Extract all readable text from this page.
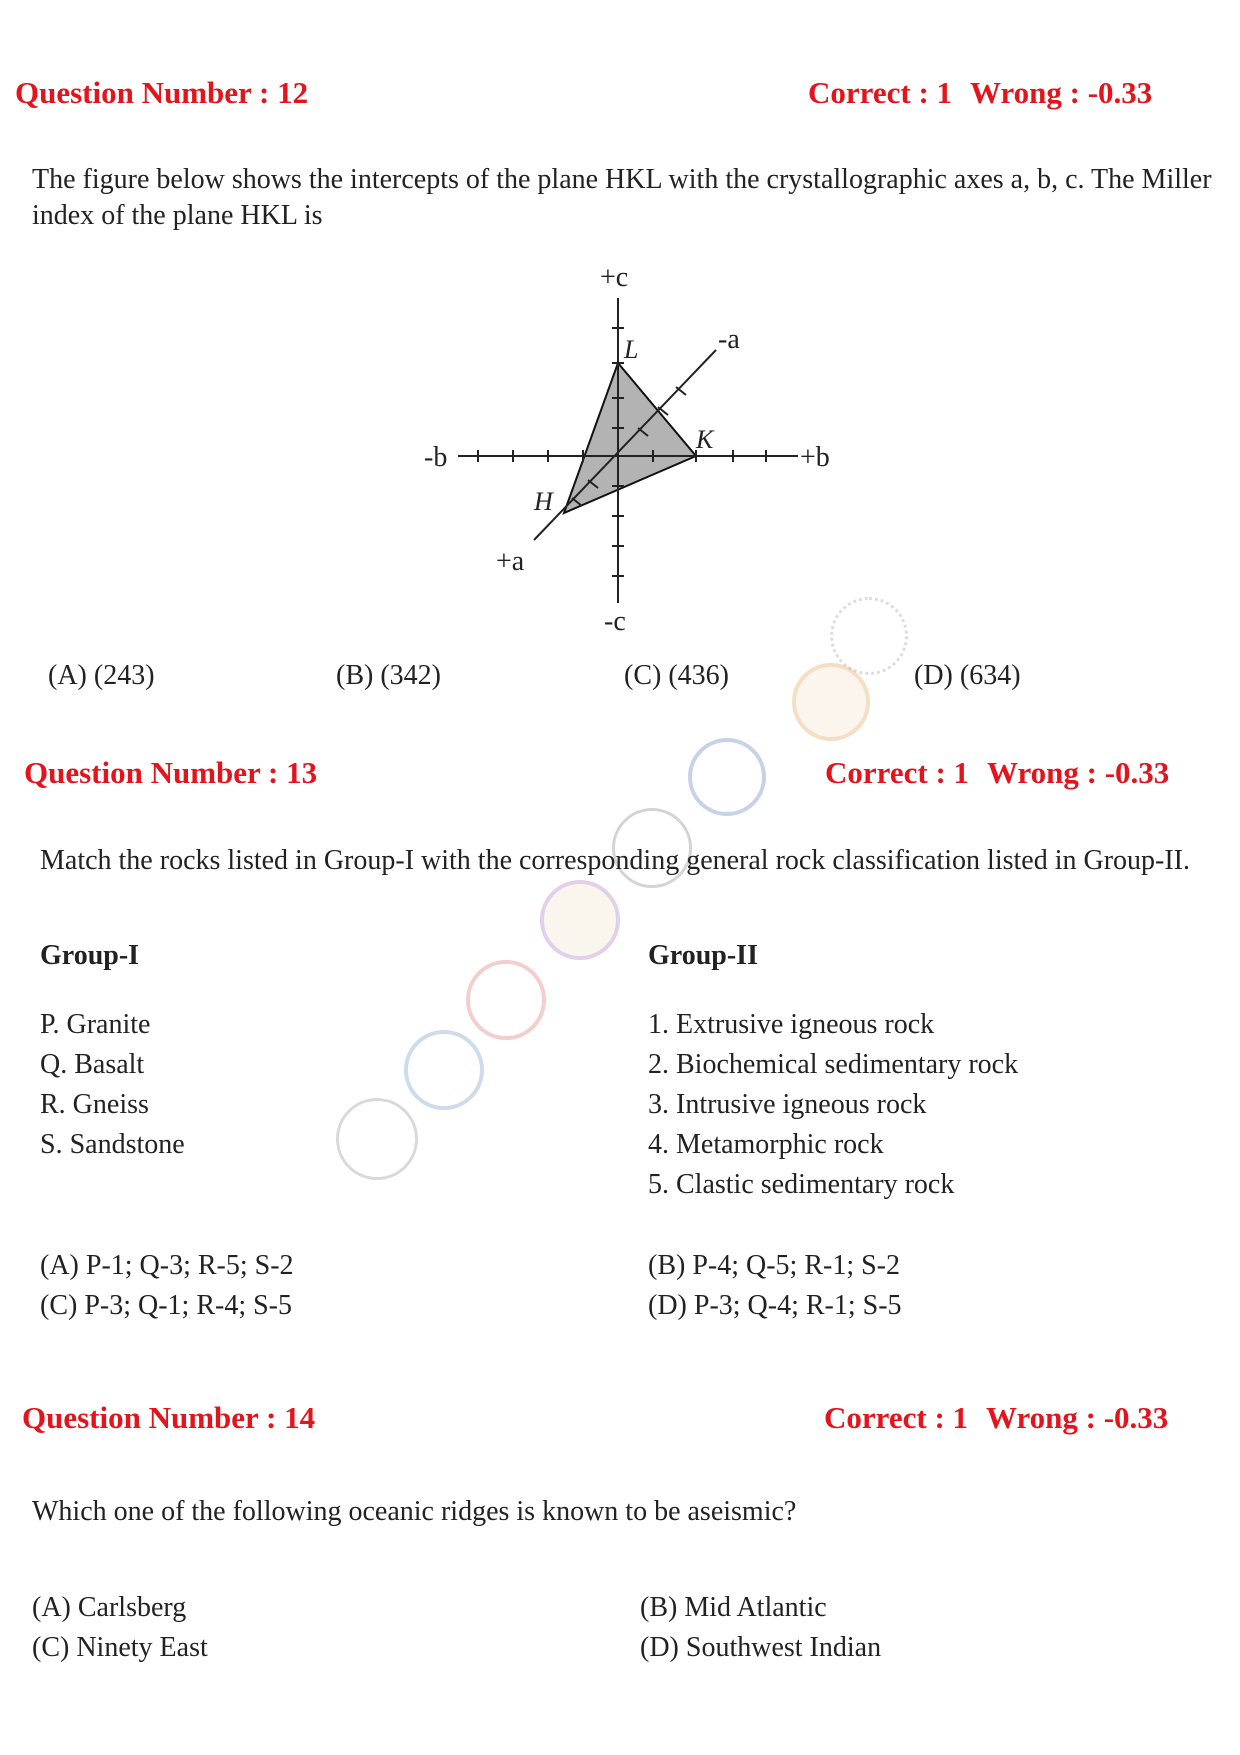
Question Number : 12	Correct : 1 Wrong : -0.33
The figure below shows the intercepts of the plane HKL with the crystallographic axes a, b, c. The Miller index of the plane HKL is
+c
-c
-b	+b
+a
-a
H
K
L
(A) (243)	(B) (342)	(C) (436)	(D) (634)
Question Number : 13	Correct : 1 Wrong : -0.33
Match the rocks listed in Group-I with the corresponding general rock classification listed in Group-II.
Group-I	Group-II
P. Granite
Q. Basalt
R. Gneiss
S. Sandstone
1. Extrusive igneous rock
2. Biochemical sedimentary rock
3. Intrusive igneous rock
4. Metamorphic rock
5. Clastic sedimentary rock
(A) P-1; Q-3; R-5; S-2	(B) P-4; Q-5; R-1; S-2
(C) P-3; Q-1; R-4; S-5	(D) P-3; Q-4; R-1; S-5
Question Number : 14	Correct : 1 Wrong : -0.33
Which one of the following oceanic ridges is known to be aseismic?
(A) Carlsberg	(B) Mid Atlantic
(C) Ninety East	(D) Southwest Indian
